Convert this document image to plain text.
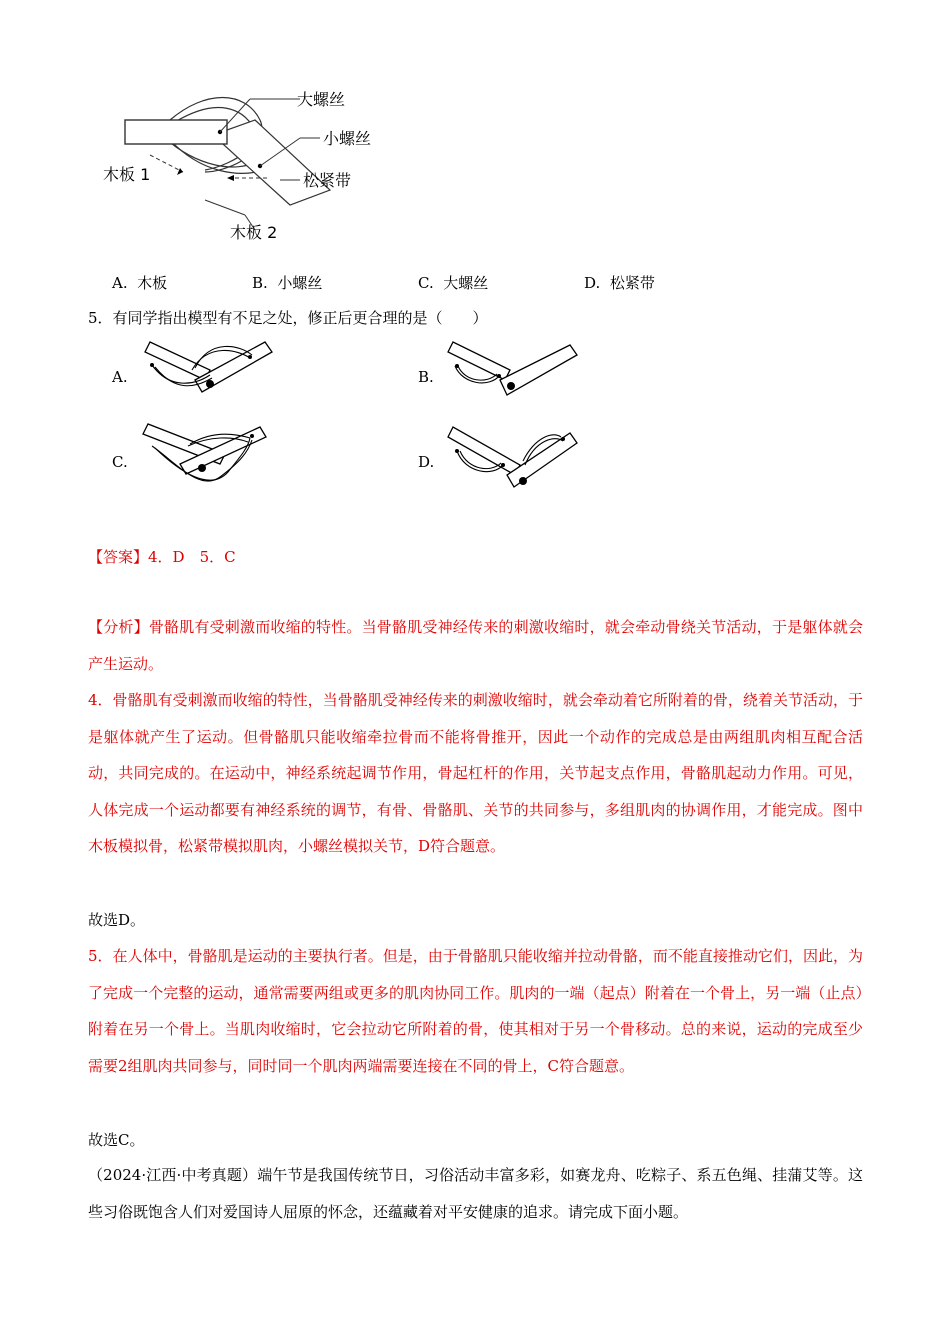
大螺丝
小螺丝
松紧带
木板 1
木板 2
A. 木板	B. 小螺丝	C. 大螺丝	D. 松紧带
5．有同学指出模型有不足之处，修正后更合理的是（　　）
A.	B.
C.	D.
【答案】4．D　5．C
【分析】骨骼肌有受刺激而收缩的特性。当骨骼肌受神经传来的刺激收缩时，就会牵动骨绕关节活动，于是躯体就会产生运动。
4．骨骼肌有受刺激而收缩的特性，当骨骼肌受神经传来的刺激收缩时，就会牵动着它所附着的骨，绕着关节活动，于是躯体就产生了运动。但骨骼肌只能收缩牵拉骨而不能将骨推开，因此一个动作的完成总是由两组肌肉相互配合活动，共同完成的。在运动中，神经系统起调节作用，骨起杠杆的作用，关节起支点作用，骨骼肌起动力作用。可见，人体完成一个运动都要有神经系统的调节，有骨、骨骼肌、关节的共同参与，多组肌肉的协调作用，才能完成。图中木板模拟骨，松紧带模拟肌肉，小螺丝模拟关节，D符合题意。
故选D。
5．在人体中，骨骼肌是运动的主要执行者。但是，由于骨骼肌只能收缩并拉动骨骼，而不能直接推动它们，因此，为了完成一个完整的运动，通常需要两组或更多的肌肉协同工作。肌肉的一端（起点）附着在一个骨上，另一端（止点）附着在另一个骨上。当肌肉收缩时，它会拉动它所附着的骨，使其相对于另一个骨移动。总的来说，运动的完成至少需要2组肌肉共同参与，同时同一个肌肉两端需要连接在不同的骨上，C符合题意。
故选C。
（2024·江西·中考真题）端午节是我国传统节日，习俗活动丰富多彩，如赛龙舟、吃粽子、系五色绳、挂蒲艾等。这些习俗既饱含人们对爱国诗人屈原的怀念，还蕴藏着对平安健康的追求。请完成下面小题。
